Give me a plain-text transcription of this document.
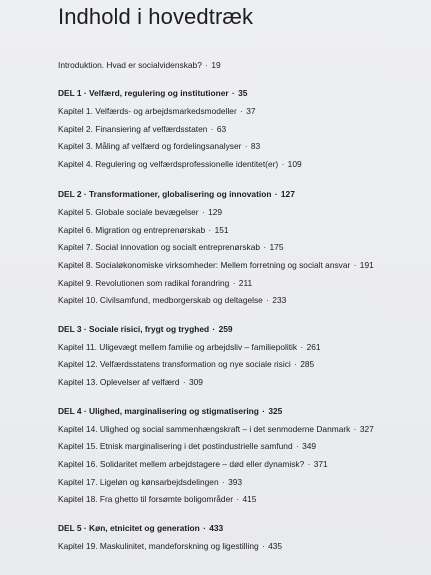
Indhold i hovedtræk
Introduktion. Hvad er socialvidenskab? · 19
DEL 1 · Velfærd, regulering og institutioner · 35
Kapitel 1. Velfærds- og arbejdsmarkedsmodeller · 37
Kapitel 2. Finansiering af velfærdsstaten · 63
Kapitel 3. Måling af velfærd og fordelingsanalyser · 83
Kapitel 4. Regulering og velfærdsprofessionelle identitet(er) · 109
DEL 2 · Transformationer, globalisering og innovation · 127
Kapitel 5. Globale sociale bevægelser · 129
Kapitel 6. Migration og entreprenørskab · 151
Kapitel 7. Social innovation og socialt entreprenørskab · 175
Kapitel 8. Socialøkonomiske virksomheder: Mellem forretning og socialt ansvar · 191
Kapitel 9. Revolutionen som radikal forandring · 211
Kapitel 10. Civilsamfund, medborgerskab og deltagelse · 233
DEL 3 · Sociale risici, frygt og tryghed · 259
Kapitel 11. Uligevægt mellem familie og arbejdsliv – familiepolitik · 261
Kapitel 12. Velfærdsstatens transformation og nye sociale risici · 285
Kapitel 13. Oplevelser af velfærd · 309
DEL 4 · Ulighed, marginalisering og stigmatisering · 325
Kapitel 14. Ulighed og social sammenhængskraft – i det senmoderne Danmark · 327
Kapitel 15. Etnisk marginalisering i det postindustrielle samfund · 349
Kapitel 16. Solidaritet mellem arbejdstagere – død eller dynamisk? · 371
Kapitel 17. Ligeløn og kønsarbejdsdelingen · 393
Kapitel 18. Fra ghetto til forsømte boligområder · 415
DEL 5 · Køn, etnicitet og generation · 433
Kapitel 19. Maskulinitet, mandeforskning og ligestilling · 435
